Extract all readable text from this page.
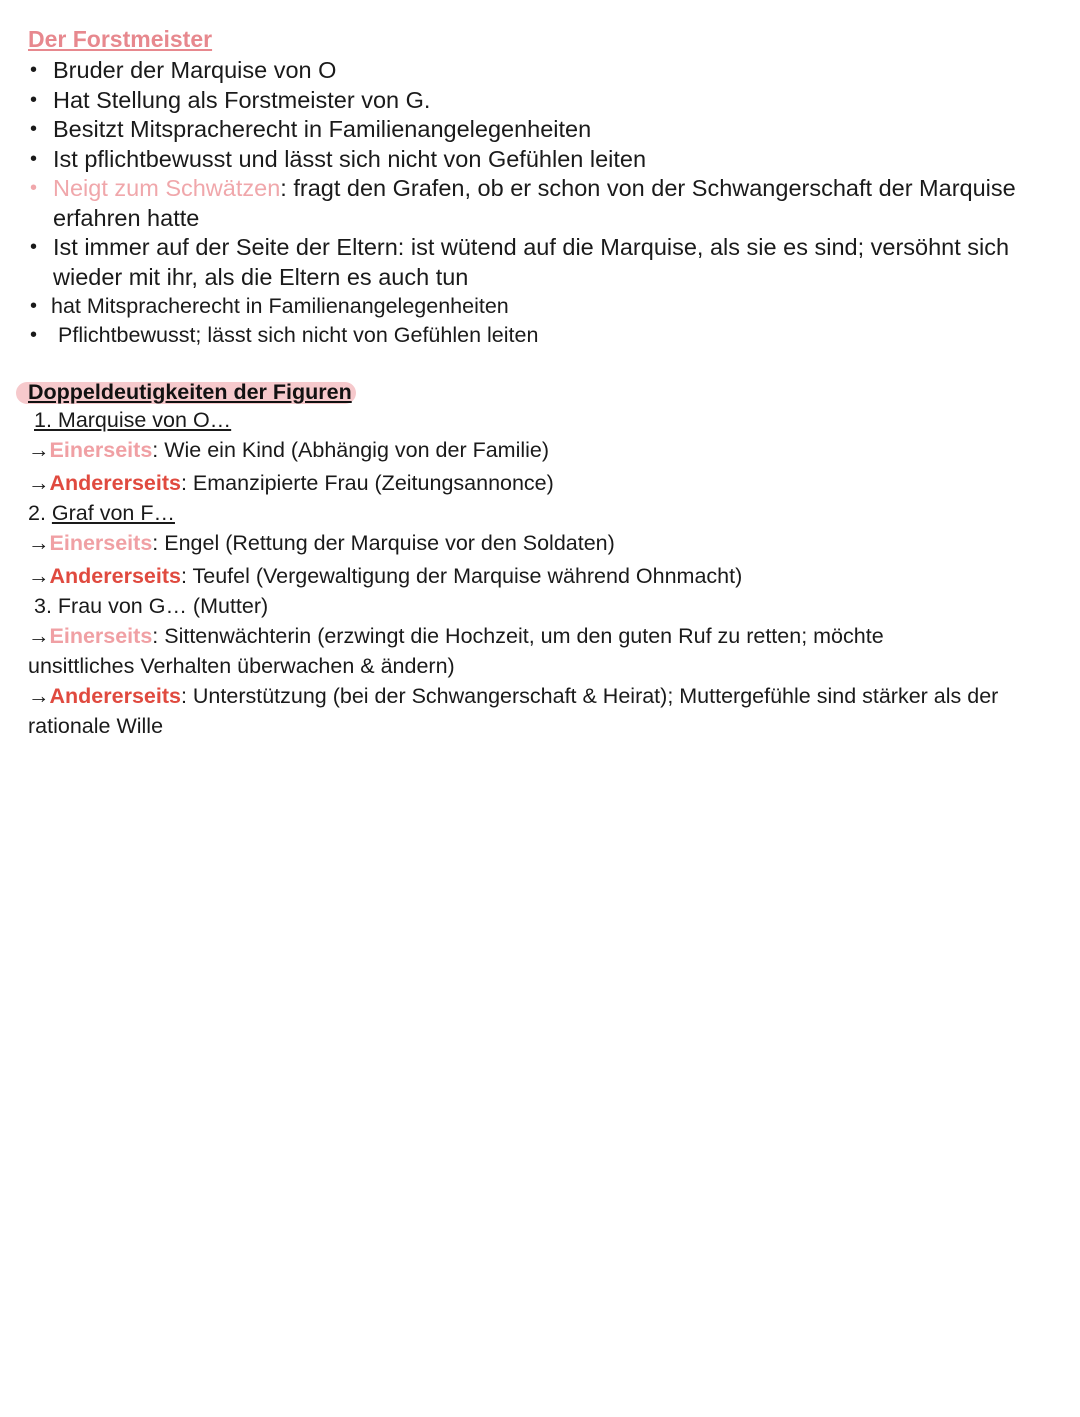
Der Forstmeister
• Bruder der Marquise von O
• Hat Stellung als Forstmeister von G.
• Besitzt Mitspracherecht in Familienangelegenheiten
• Ist pflichtbewusst und lässt sich nicht von Gefühlen leiten
• Neigt zum Schwätzen: fragt den Grafen, ob er schon von der Schwangerschaft der Marquise erfahren hatte
• Ist immer auf der Seite der Eltern: ist wütend auf die Marquise, als sie es sind; versöhnt sich wieder mit ihr, als die Eltern es auch tun
• hat Mitspracherecht in Familienangelegenheiten
• Pflichtbewusst; lässt sich nicht von Gefühlen leiten
Doppeldeutigkeiten der Figuren

1. Marquise von O…

→Einerseits: Wie ein Kind (Abhängig von der Familie)

→Andererseits: Emanzipierte Frau (Zeitungsannonce)

2. Graf von F…

→Einerseits: Engel (Rettung der Marquise vor den Soldaten)

→Andererseits: Teufel (Vergewaltigung der Marquise während Ohnmacht)

3. Frau von G… (Mutter)

→Einerseits: Sittenwächterin (erzwingt die Hochzeit, um den guten Ruf zu retten; möchte unsittliches Verhalten überwachen & ändern)

→Andererseits: Unterstützung (bei der Schwangerschaft & Heirat); Muttergefühle sind stärker als der rationale Wille
